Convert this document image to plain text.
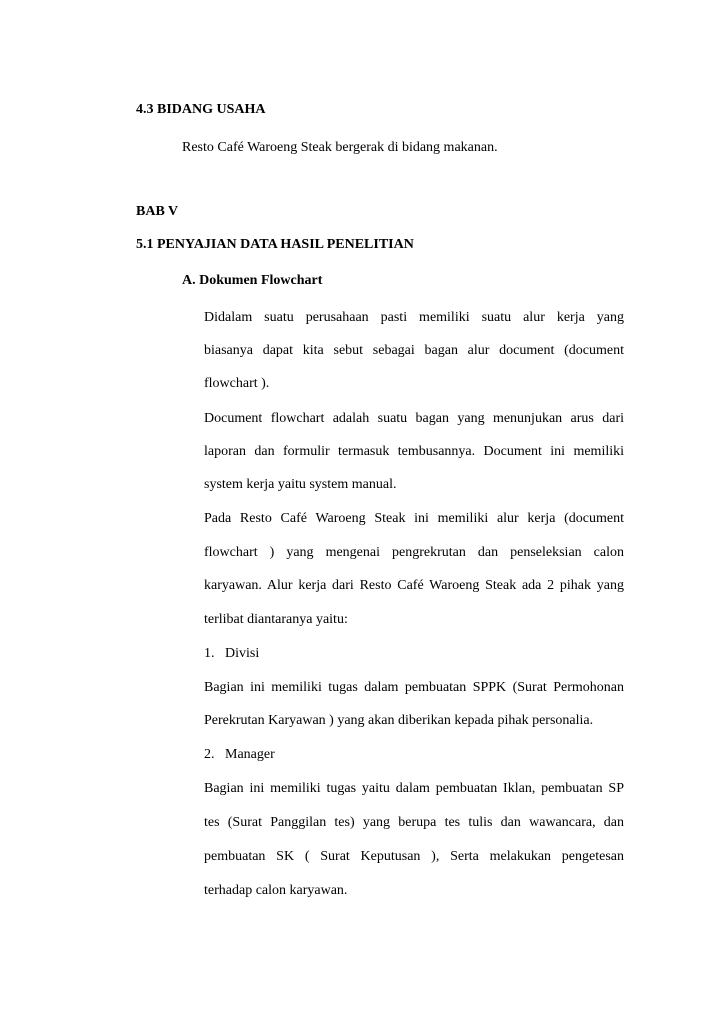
4.3 BIDANG USAHA
Resto Café Waroeng Steak bergerak di bidang makanan.
BAB V
5.1 PENYAJIAN DATA HASIL PENELITIAN
A. Dokumen Flowchart
Didalam suatu perusahaan pasti memiliki suatu alur kerja yang
biasanya dapat kita sebut sebagai bagan alur document (document
flowchart ).
Document flowchart adalah suatu bagan yang menunjukan arus dari
laporan dan formulir termasuk tembusannya. Document ini memiliki
system kerja yaitu system manual.
Pada Resto Café Waroeng Steak ini memiliki alur kerja (document
flowchart ) yang mengenai pengrekrutan dan penseleksian calon
karyawan. Alur kerja dari Resto Café Waroeng Steak ada 2 pihak yang
terlibat diantaranya yaitu:
1.   Divisi
Bagian ini memiliki tugas dalam pembuatan SPPK (Surat Permohonan
Perekrutan Karyawan ) yang akan diberikan kepada pihak personalia.
2.   Manager
Bagian ini memiliki tugas yaitu dalam pembuatan Iklan, pembuatan SP
tes (Surat Panggilan tes) yang berupa tes tulis dan wawancara, dan
pembuatan SK ( Surat Keputusan ), Serta melakukan pengetesan
terhadap calon karyawan.
